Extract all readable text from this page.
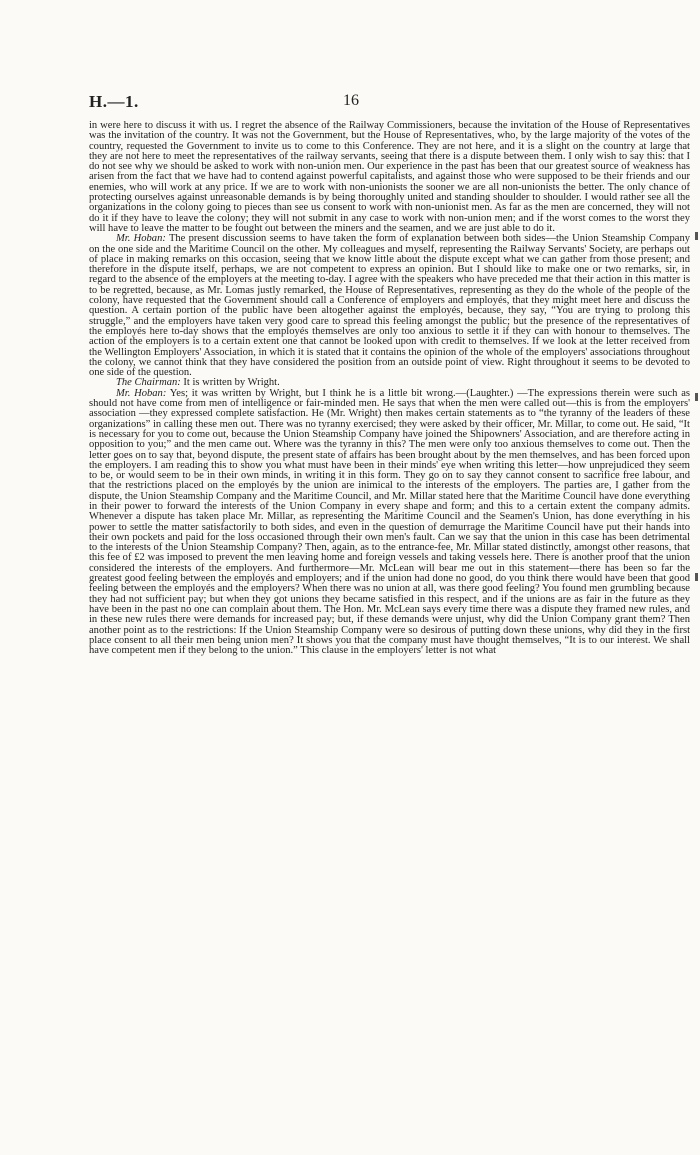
H.—1.	16

in were here to discuss it with us. I regret the absence of the Railway Commissioners, because the invitation of the House of Representatives was the invitation of the country. It was not the Government, but the House of Representatives, who, by the large majority of the votes of the country, requested the Government to invite us to come to this Conference. They are not here, and it is a slight on the country at large that they are not here to meet the representatives of the railway servants, seeing that there is a dispute between them. I only wish to say this: that I do not see why we should be asked to work with non-union men. Our experience in the past has been that our greatest source of weakness has arisen from the fact that we have had to contend against powerful capitalists, and against those who were supposed to be their friends and our enemies, who will work at any price. If we are to work with non-unionists the sooner we are all non-unionists the better. The only chance of protecting ourselves against unreasonable demands is by being thoroughly united and standing shoulder to shoulder. I would rather see all the organizations in the colony going to pieces than see us consent to work with non-unionist men. As far as the men are concerned, they will not do it if they have to leave the colony; they will not submit in any case to work with non-union men; and if the worst comes to the worst they will have to leave the matter to be fought out between the miners and the seamen, and we are just able to do it.

Mr. Hoban: The present discussion seems to have taken the form of explanation between both sides—the Union Steamship Company on the one side and the Maritime Council on the other. My colleagues and myself, representing the Railway Servants' Society, are perhaps out of place in making remarks on this occasion, seeing that we know little about the dispute except what we can gather from those present; and therefore in the dispute itself, perhaps, we are not competent to express an opinion. But I should like to make one or two remarks, sir, in regard to the absence of the employers at the meeting to-day. I agree with the speakers who have preceded me that their action in this matter is to be regretted, because, as Mr. Lomas justly remarked, the House of Representatives, representing as they do the whole of the people of the colony, have requested that the Government should call a Conference of employers and employés, that they might meet here and discuss the question. A certain portion of the public have been altogether against the employés, because, they say, “You are trying to prolong this struggle,” and the employers have taken very good care to spread this feeling amongst the public; but the presence of the representatives of the employés here to-day shows that the employés themselves are only too anxious to settle it if they can with honour to themselves. The action of the employers is to a certain extent one that cannot be looked upon with credit to themselves. If we look at the letter received from the Wellington Employers' Association, in which it is stated that it contains the opinion of the whole of the employers' associations throughout the colony, we cannot think that they have considered the position from an outside point of view. Right throughout it seems to be devoted to one side of the question.

The Chairman: It is written by Wright.

Mr. Hoban: Yes; it was written by Wright, but I think he is a little bit wrong.—(Laughter.) —The expressions therein were such as should not have come from men of intelligence or fair-minded men. He says that when the men were called out—this is from the employers' association —they expressed complete satisfaction. He (Mr. Wright) then makes certain statements as to “the tyranny of the leaders of these organizations” in calling these men out. There was no tyranny exercised; they were asked by their officer, Mr. Millar, to come out. He said, “It is necessary for you to come out, because the Union Steamship Company have joined the Shipowners' Association, and are therefore acting in opposition to you;” and the men came out. Where was the tyranny in this? The men were only too anxious themselves to come out. Then the letter goes on to say that, beyond dispute, the present state of affairs has been brought about by the men themselves, and has been forced upon the employers. I am reading this to show you what must have been in their minds' eye when writing this letter—how unprejudiced they seem to be, or would seem to be in their own minds, in writing it in this form. They go on to say they cannot consent to sacrifice free labour, and that the restrictions placed on the employés by the union are inimical to the interests of the employers. The parties are, I gather from the dispute, the Union Steamship Company and the Maritime Council, and Mr. Millar stated here that the Maritime Council have done everything in their power to forward the interests of the Union Company in every shape and form; and this to a certain extent the company admits. Whenever a dispute has taken place Mr. Millar, as representing the Maritime Council and the Seamen's Union, has done everything in his power to settle the matter satisfactorily to both sides, and even in the question of demurrage the Maritime Council have put their hands into their own pockets and paid for the loss occasioned through their own men's fault. Can we say that the union in this case has been detrimental to the interests of the Union Steamship Company? Then, again, as to the entrance-fee, Mr. Millar stated distinctly, amongst other reasons, that this fee of £2 was imposed to prevent the men leaving home and foreign vessels and taking vessels here. There is another proof that the union considered the interests of the employers. And furthermore—Mr. McLean will bear me out in this statement—there has been so far the greatest good feeling between the employés and employers; and if the union had done no good, do you think there would have been that good feeling between the employés and the employers? When there was no union at all, was there good feeling? You found men grumbling because they had not sufficient pay; but when they got unions they became satisfied in this respect, and if the unions are as fair in the future as they have been in the past no one can complain about them. The Hon. Mr. McLean says every time there was a dispute they framed new rules, and in these new rules there were demands for increased pay; but, if these demands were unjust, why did the Union Company grant them? Then another point as to the restrictions: If the Union Steamship Company were so desirous of putting down these unions, why did they in the first place consent to all their men being union men? It shows you that the company must have thought themselves, “It is to our interest. We shall have competent men if they belong to the union.” This clause in the employers' letter is not what
